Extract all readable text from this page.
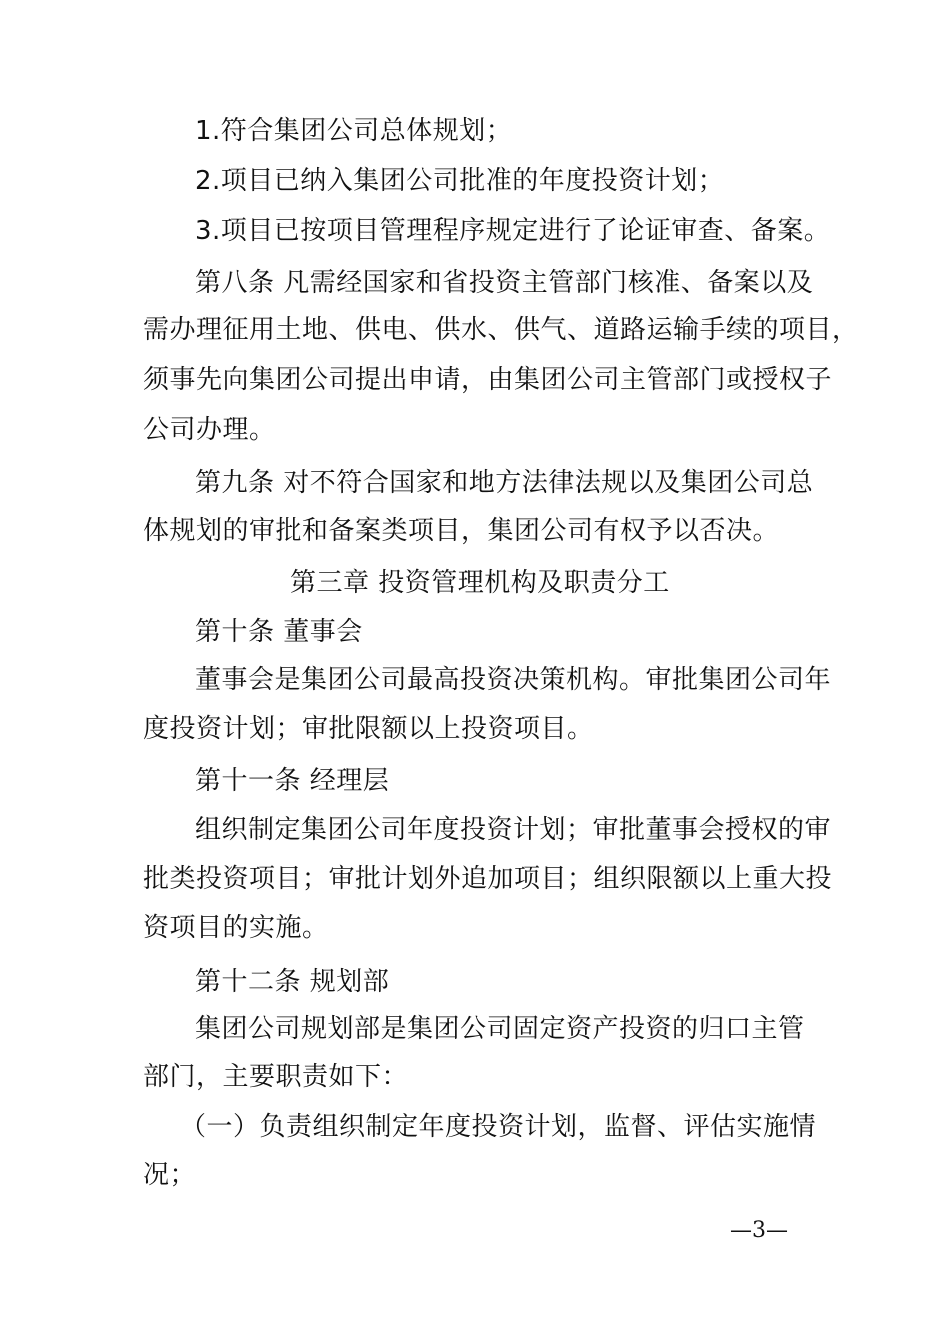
1.符合集团公司总体规划；
2.项目已纳入集团公司批准的年度投资计划；
3.项目已按项目管理程序规定进行了论证审查、备案。
第八条 凡需经国家和省投资主管部门核准、备案以及
需办理征用土地、供电、供水、供气、道路运输手续的项目，
须事先向集团公司提出申请，由集团公司主管部门或授权子
公司办理。
第九条 对不符合国家和地方法律法规以及集团公司总
体规划的审批和备案类项目，集团公司有权予以否决。
第三章 投资管理机构及职责分工
第十条 董事会
董事会是集团公司最高投资决策机构。审批集团公司年
度投资计划；审批限额以上投资项目。
第十一条 经理层
组织制定集团公司年度投资计划；审批董事会授权的审
批类投资项目；审批计划外追加项目；组织限额以上重大投
资项目的实施。
第十二条 规划部
集团公司规划部是集团公司固定资产投资的归口主管
部门，主要职责如下：
（一）负责组织制定年度投资计划，监督、评估实施情
况；
—3—
